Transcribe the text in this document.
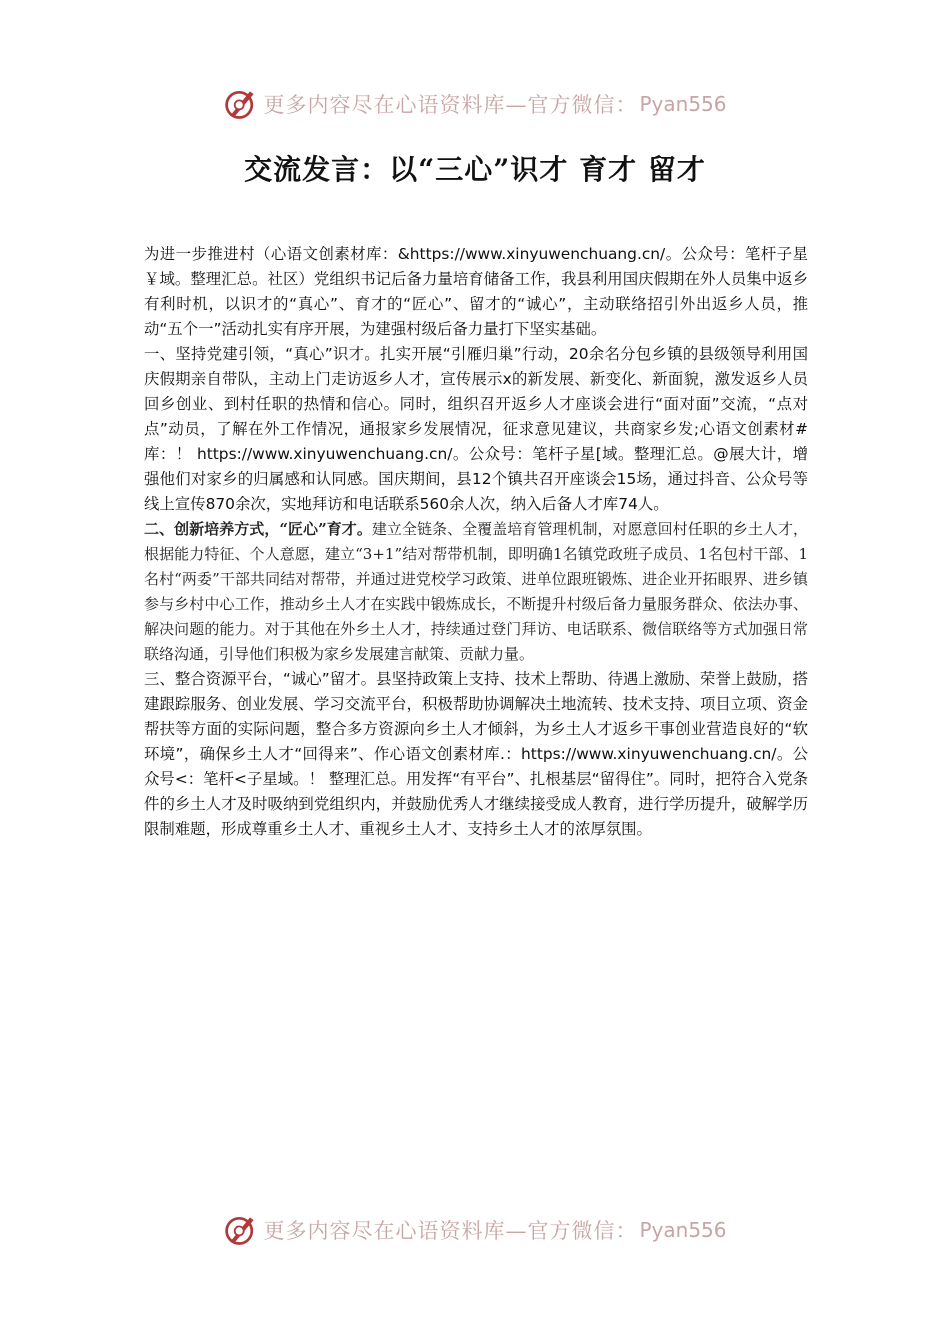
更多内容尽在心语资料库—官方微信： Pyan556
交流发言：以“三心”识才 育才 留才

为进一步推进村（心语文创素材库：&https://www.xinyuwenchuang.cn/。公众号：笔杆子星￥域。整理汇总。社区）党组织书记后备力量培育储备工作，我县利用国庆假期在外人员集中返乡有利时机，以识才的“真心”、育才的“匠心”、留才的“诚心”，主动联络招引外出返乡人员，推动“五个一”活动扎实有序开展，为建强村级后备力量打下坚实基础。

一、坚持党建引领，“真心”识才。扎实开展“引雁归巢”行动，20余名分包乡镇的县级领导利用国庆假期亲自带队，主动上门走访返乡人才，宣传展示x的新发展、新变化、新面貌，激发返乡人员回乡创业、到村任职的热情和信心。同时，组织召开返乡人才座谈会进行“面对面”交流，“点对点”动员，了解在外工作情况，通报家乡发展情况，征求意见建议，共商家乡发;心语文创素材#库：！ https://www.xinyuwenchuang.cn/。公众号：笔杆子星[域。整理汇总。@展大计，增强他们对家乡的归属感和认同感。国庆期间，县12个镇共召开座谈会15场，通过抖音、公众号等线上宣传870余次，实地拜访和电话联系560余人次，纳入后备人才库74人。

二、创新培养方式，“匠心”育才。建立全链条、全覆盖培育管理机制，对愿意回村任职的乡土人才，根据能力特征、个人意愿，建立“3+1”结对帮带机制，即明确1名镇党政班子成员、1名包村干部、1名村“两委”干部共同结对帮带，并通过进党校学习政策、进单位跟班锻炼、进企业开拓眼界、进乡镇参与乡村中心工作，推动乡土人才在实践中锻炼成长，不断提升村级后备力量服务群众、依法办事、解决问题的能力。对于其他在外乡土人才，持续通过登门拜访、电话联系、微信联络等方式加强日常联络沟通，引导他们积极为家乡发展建言献策、贡献力量。

三、整合资源平台，“诚心”留才。县坚持政策上支持、技术上帮助、待遇上激励、荣誉上鼓励，搭建跟踪服务、创业发展、学习交流平台，积极帮助协调解决土地流转、技术支持、项目立项、资金帮扶等方面的实际问题，整合多方资源向乡土人才倾斜，为乡土人才返乡干事创业营造良好的“软环境”，确保乡土人才“回得来”、作心语文创素材库.：https://www.xinyuwenchuang.cn/。公众号<：笔杆<子星域。！ 整理汇总。用发挥“有平台”、扎根基层“留得住”。同时，把符合入党条件的乡土人才及时吸纳到党组织内，并鼓励优秀人才继续接受成人教育，进行学历提升，破解学历限制难题，形成尊重乡土人才、重视乡土人才、支持乡土人才的浓厚氛围。

更多内容尽在心语资料库—官方微信： Pyan556
